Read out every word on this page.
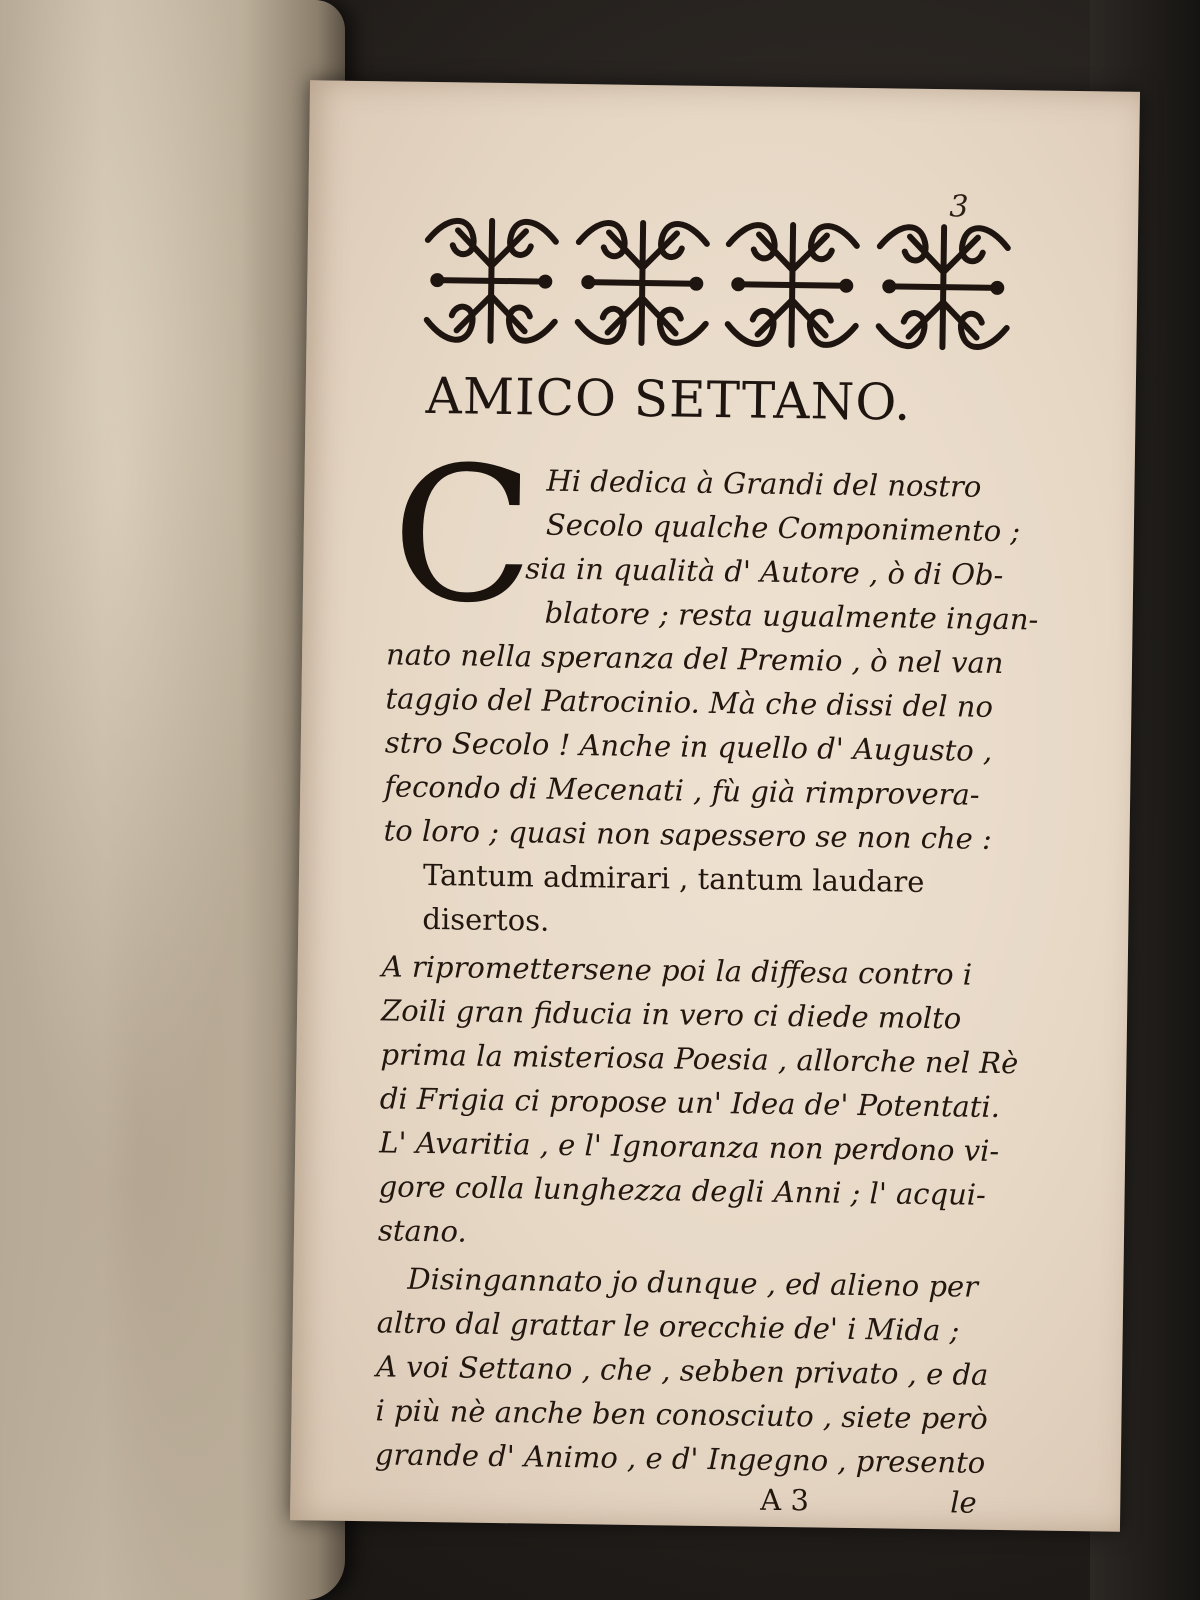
3
AMICO SETTANO.
C Hi dedica à Grandi del nostro

Secolo qualche Componimento ;

sia in qualità d' Autore , ò di Ob-

blatore ; resta ugualmente ingan-

nato nella speranza del Premio , ò nel van

taggio del Patrocinio. Mà che dissi del no

stro Secolo ! Anche in quello d' Augusto ,

fecondo di Mecenati , fù già rimprovera-

to loro ; quasi non sapessero se non che :

Tantum admirari , tantum laudare

disertos.

A ripromettersene poi la diffesa contro i

Zoili gran fiducia in vero ci diede molto

prima la misteriosa Poesia , allorche nel Rè

di Frigia ci propose un' Idea de' Potentati.

L' Avaritia , e l' Ignoranza non perdono vi-

gore colla lunghezza degli Anni ; l' acqui-

stano.

Disingannato jo dunque , ed alieno per

altro dal grattar le orecchie de' i Mida ;

A voi Settano , che , sebben privato , e da

i più nè anche ben conosciuto , siete però

grande d' Animo , e d' Ingegno , presento

A 3	le
